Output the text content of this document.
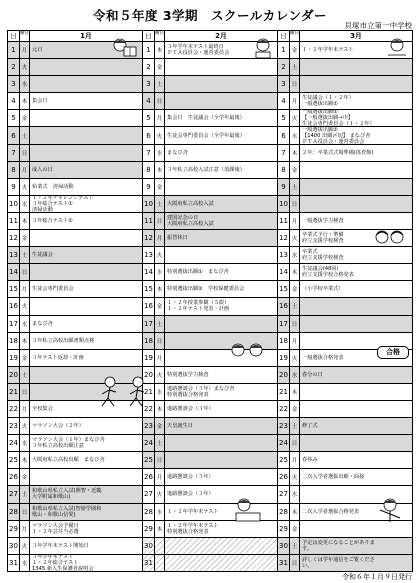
令和５年度 3学期　スクールカレンダー
貝塚市立第一中学校
日 曜日	1月
1	月 元日
2	火
3	水
4	木 集会日
5	金
6	土
7	日
8	月 成人の日
9	火 始業式　清掃活動
10 水
１・２年チャレンジテスト
３年総合テスト①
清掃活動
11 木 ３年総合テスト②
12 金
13 土 生徒議会
14 日
15 月 生徒会専門委員会
16 火
17 水 まなび舎
18 木 ３年私立高校出願書類点検
19 金 ３年テスト返却・計画
20 土
21 日
22 月 全校集会
23 火 マラソン大会（２年）
24 水
マラソン大会（１年）まなび舎
３年私立高校出願注意
25 木 大阪府私立高校出願　まなび舎
26 金
27 土
和歌山県私立入試(開智・近畿
大学附属和歌山)
28 日
和歌山県私立入試(智辯学園和
歌山・和歌山信愛)
29 月
マラソン大会予備日
１・２年芸井当必選
30 火 ３年学年末テスト開始日
31 水
３年学年末テスト
１・２年総合テスト
1345 新入生保護者説明会
日 曜日	2月
1	木
３年学年末テスト最終日
ＰＴＡ役員会・運営委員会
2	金
3	土
4	日
5	月 集会日　生徒議会（全学年最後）
6	火 生徒会専門委員会（全学年最後）
7	水 まなび舎
8	木 ３年私立高校入試注意（放課後）
9	金
10 土 大阪府私立高校入試
11 日
建国記念の日
大阪府私立高校入試
12 月 振替休日
13 火
14 水 特別選抜出願①　まなび舎
15 木 特別選抜出願②　学校保健委員会
16 金
１・２年授業参観（５限）
１・２年テスト発表・計画
17 土
18 日
19 月
20 火 特別選抜学力検査
21 水
進路懇談会（３年）まなび舎
特別選抜合格発表
22 木 進路懇談会（３年）
23 金 天皇誕生日
24 土
25 日
26 月 進路懇談会（３年）
27 火 進路懇談会（３年）
28 水 １・２年学年末テスト
29 木
１・２年学年末テスト
特別選抜合格発表
30
31
日 曜日	3月
1	金 １・２年学年末テスト
2	土
3	日
4	月
生徒議会（１・２年）
一般選抜出願①
5	火
一般選抜出願②
【一般選抜出願→中】
生徒会専門委員会（１・２年）
6	水
一般選抜出願③
【1400 出願〆切】 まなび舎
ＰＴＡ役員会・運営委員会
7	木 ２年：卒業式式場準備(体育館)
8	金
9	土
10 日
11 月 一般選抜学力検査
12 火
卒業式予行・準備
府立支援学校検査
13 水
卒業式
府立支援学校検査
14 木
生徒議会(48回)
府立支援学校合格発表
15 金 （小学校卒業式）
16 土
17 日
18 月
19 火 一般選抜合格発表
20 水 春分の日
21 木
22 金
23 土 修了式
24 日
25 月 春休み
26 火 二次入学者選抜出願・面接
27 水
28 木 二次入学者選抜合格発表
29 金
30 土
予定は変更になることがありま
す。
31 日
詳しくは学年通信をご覧くださ
い。
合格
令和６年１月９日発行
